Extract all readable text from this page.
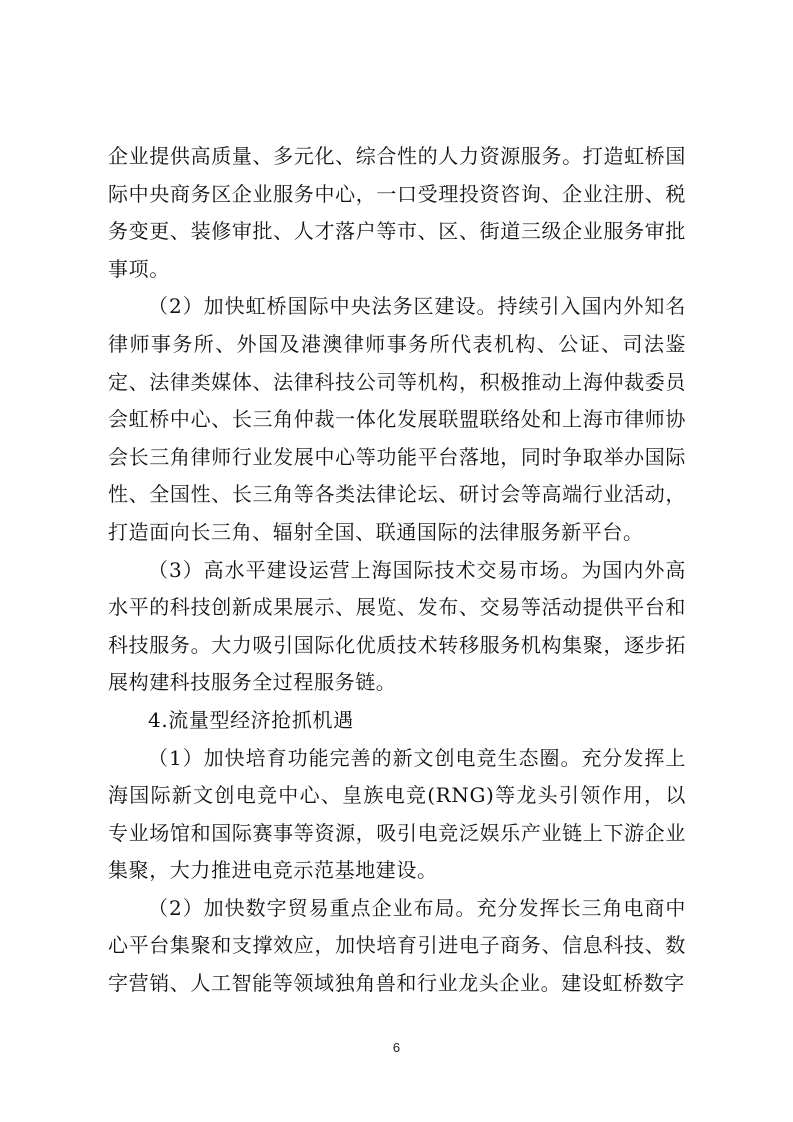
企业提供高质量、多元化、综合性的人力资源服务。打造虹桥国际中央商务区企业服务中心，一口受理投资咨询、企业注册、税务变更、装修审批、人才落户等市、区、街道三级企业服务审批事项。

（2）加快虹桥国际中央法务区建设。持续引入国内外知名律师事务所、外国及港澳律师事务所代表机构、公证、司法鉴定、法律类媒体、法律科技公司等机构，积极推动上海仲裁委员会虹桥中心、长三角仲裁一体化发展联盟联络处和上海市律师协会长三角律师行业发展中心等功能平台落地，同时争取举办国际性、全国性、长三角等各类法律论坛、研讨会等高端行业活动，打造面向长三角、辐射全国、联通国际的法律服务新平台。

（3）高水平建设运营上海国际技术交易市场。为国内外高水平的科技创新成果展示、展览、发布、交易等活动提供平台和科技服务。大力吸引国际化优质技术转移服务机构集聚，逐步拓展构建科技服务全过程服务链。

4.流量型经济抢抓机遇

（1）加快培育功能完善的新文创电竞生态圈。充分发挥上海国际新文创电竞中心、皇族电竞(RNG)等龙头引领作用，以专业场馆和国际赛事等资源，吸引电竞泛娱乐产业链上下游企业集聚，大力推进电竞示范基地建设。

（2）加快数字贸易重点企业布局。充分发挥长三角电商中心平台集聚和支撑效应，加快培育引进电子商务、信息科技、数字营销、人工智能等领域独角兽和行业龙头企业。建设虹桥数字

6
